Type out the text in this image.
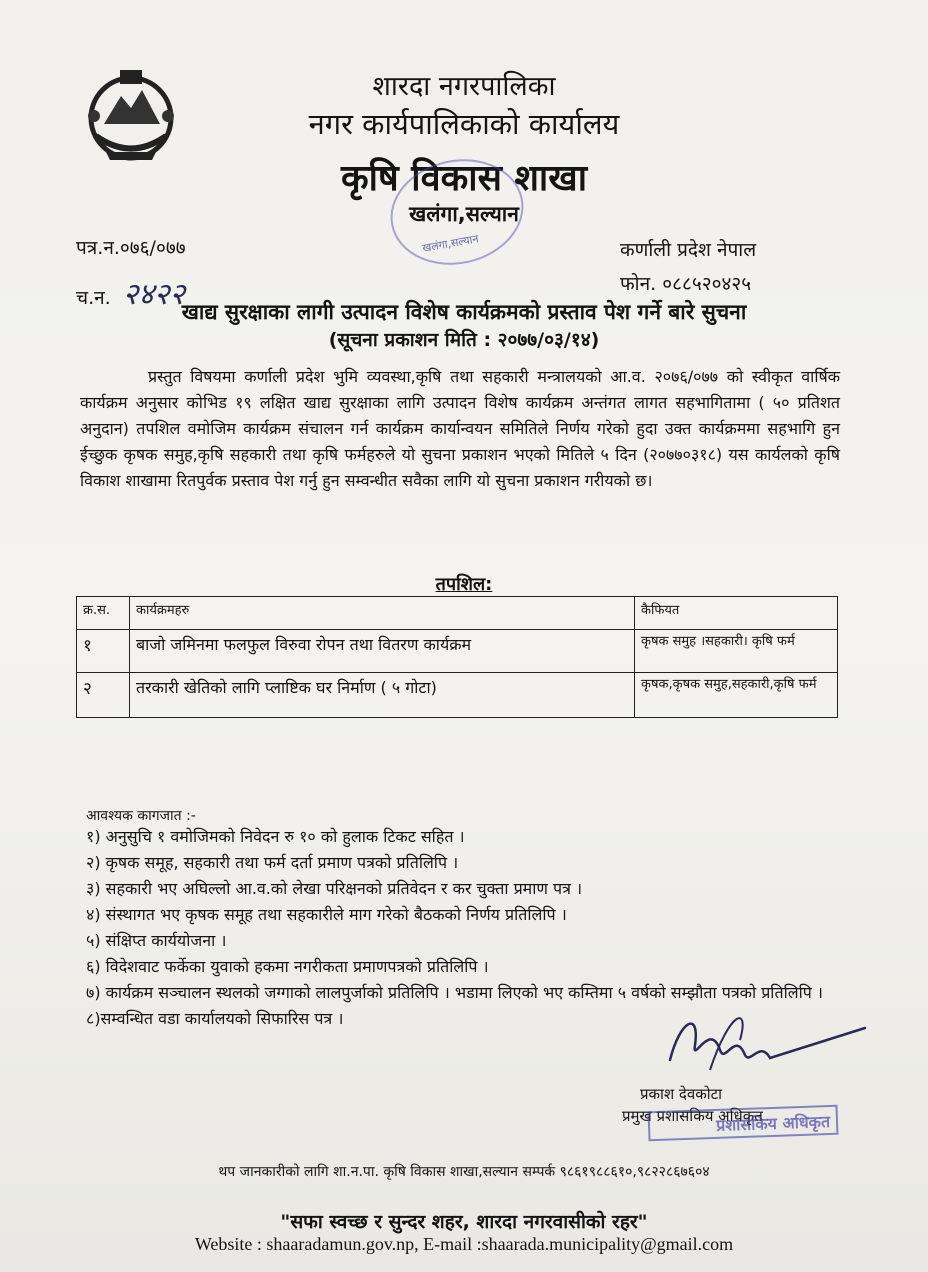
शारदा नगरपालिका
नगर कार्यपालिकाको कार्यालय
कृषि विकास शाखा
खलंगा,सल्यान
खलंगा,सल्यान
पत्र.न.०७६/०७७
च.न. २४२२
कर्णाली प्रदेश नेपाल
फोन. ०८८५२०४२५
खाद्य सुरक्षाका लागी उत्पादन विशेष कार्यक्रमको प्रस्ताव पेश गर्ने बारे सुचना
(सूचना प्रकाशन मिति : २०७७/०३/१४)
प्रस्तुत विषयमा कर्णाली प्रदेश भुमि व्यवस्था,कृषि तथा सहकारी मन्त्रालयको आ.व. २०७६/०७७ को स्वीकृत वार्षिक कार्यक्रम अनुसार कोभिड १९ लक्षित खाद्य सुरक्षाका लागि उत्पादन विशेष कार्यक्रम अन्तंगत लागत सहभागितामा ( ५० प्रतिशत अनुदान) तपशिल वमोजिम कार्यक्रम संचालन गर्न कार्यक्रम कार्यान्वयन समितिले निर्णय गरेको हुदा उक्त कार्यक्रममा सहभागि हुन ईच्छुक कृषक समुह,कृषि सहकारी तथा कृषि फर्महरुले यो सुचना प्रकाशन भएको मितिले ५ दिन (२०७७०३१८) यस कार्यलको कृषि विकाश शाखामा रितपुर्वक प्रस्ताव पेश गर्नु हुन सम्वन्धीत सवैका लागि यो सुचना प्रकाशन गरीयको छ।
तपशिल:
क्र.स.	कार्यक्रमहरु	कैफियत
१	बाजो जमिनमा फलफुल विरुवा रोपन तथा वितरण कार्यक्रम	कृषक समुह ।सहकारी। कृषि फर्म
२	तरकारी खेतिको लागि प्लाष्टिक घर निर्माण ( ५ गोटा)	कृषक,कृषक समुह,सहकारी,कृषि फर्म
आवश्यक कागजात :-
१) अनुसुचि १ वमोजिमको निवेदन रु १० को हुलाक टिकट सहित ।
२) कृषक समूह, सहकारी तथा फर्म दर्ता प्रमाण पत्रको प्रतिलिपि ।
३) सहकारी भए अघिल्लो आ.व.को लेखा परिक्षनको प्रतिवेदन र कर चुक्ता प्रमाण पत्र ।
४) संस्थागत भए कृषक समूह तथा सहकारीले माग गरेको बैठकको निर्णय प्रतिलिपि ।
५) संक्षिप्त कार्ययोजना ।
६) विदेशवाट फर्केका युवाको हकमा नगरीकता प्रमाणपत्रको प्रतिलिपि ।
७) कार्यक्रम सञ्चालन स्थलको जग्गाको लालपुर्जाको प्रतिलिपि । भडामा लिएको भए कम्तिमा ५ वर्षको सम्झौता पत्रको प्रतिलिपि ।
८)सम्वन्धित वडा कार्यालयको सिफारिस पत्र ।
प्रकाश देवकोटा
प्रमुख प्रशासकिय अधिकृत
प्रशासकिय अधिकृत
थप जानकारीको लागि शा.न.पा. कृषि विकास शाखा,सल्यान सम्पर्क ९८६१९८८६१०,९८२२८६७६०४
"सफा स्वच्छ र सुन्दर शहर, शारदा नगरवासीको रहर"
Website : shaaradamun.gov.np, E-mail :shaarada.municipality@gmail.com
